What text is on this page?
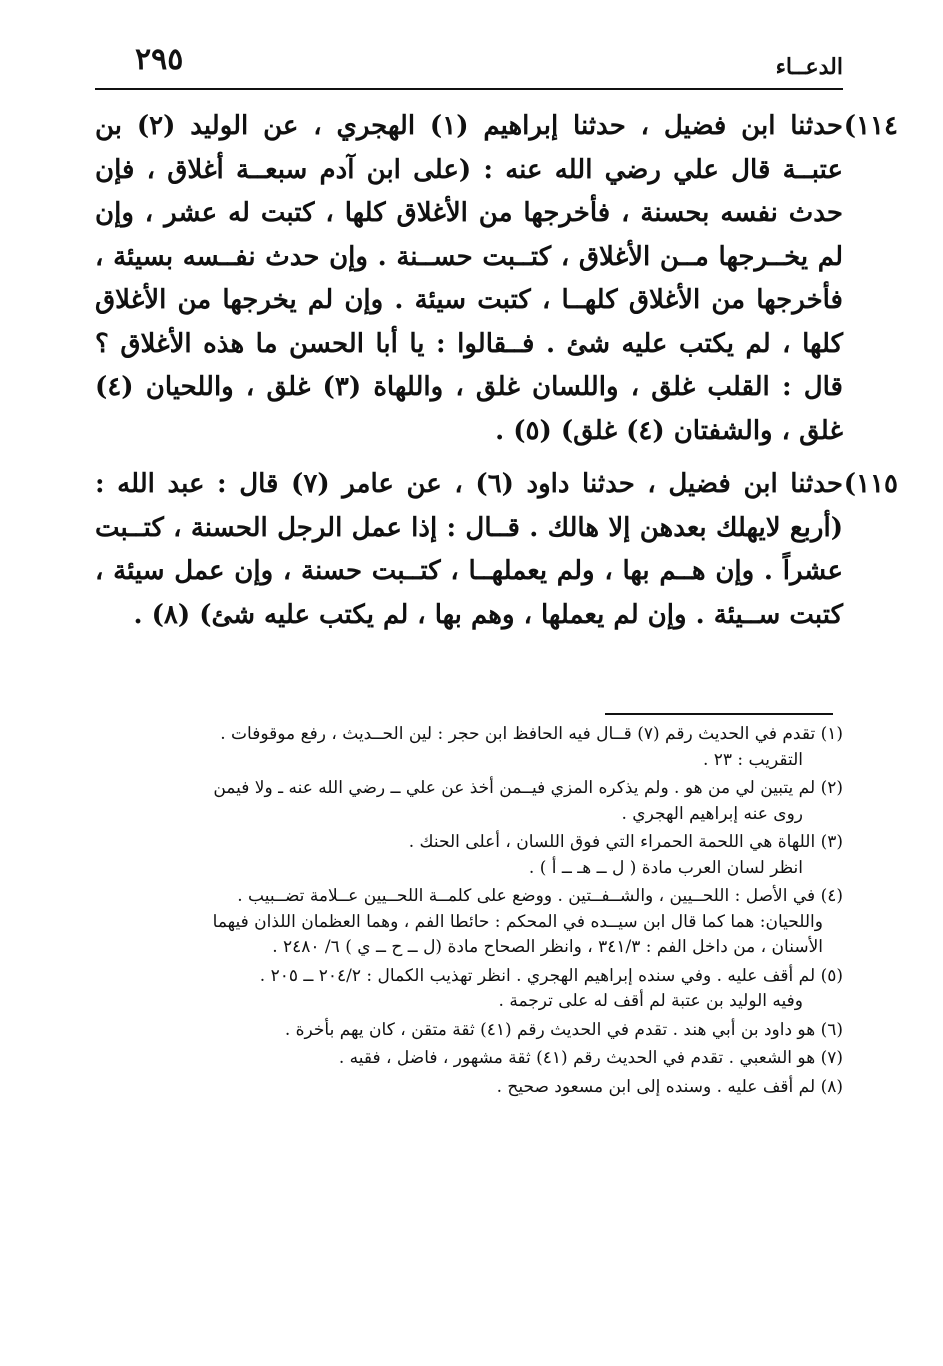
٢٩٥	الدعــاء
١١٤)
حدثنا ابن فضيل ، حدثنا إبراهيم (١) الهجري ، عن الوليد (٢) بن عتبــة قال علي رضي الله عنه : (على ابن آدم سبعــة أغلاق ، فإن حدث نفسه بحسنة ، فأخرجها من الأغلاق كلها ، كتبت له عشر ، وإن لم يخــرجها مــن الأغلاق ، كتــبت حســنة . وإن حدث نفــسه بسيئة ، فأخرجها من الأغلاق كلهــا ، كتبت سيئة . وإن لم يخرجها من الأغلاق كلها ، لم يكتب عليه شئ . فــقالوا : يا أبا الحسن ما هذه الأغلاق ؟ قال : القلب غلق ، واللسان غلق ، واللهاة (٣) غلق ، واللحيان (٤) غلق ، والشفتان (٤) غلق) (٥) .
١١٥)
حدثنا ابن فضيل ، حدثنا داود (٦) ، عن عامر (٧) قال : عبد الله : (أربع لايهلك بعدهن إلا هالك . قــال : إذا عمل الرجل الحسنة ، كتــبت عشراً . وإن هــم بها ، ولم يعملهــا ، كتــبت حسنة ، وإن عمل سيئة ، كتبت ســيئة . وإن لم يعملها ، وهم بها ، لم يكتب عليه شئ) (٨) .

(١) تقدم في الحديث رقم (٧) قــال فيه الحافظ ابن حجر : لين الحــديث ، رفع موقوفات .
التقريب : ٢٣ .

(٢) لم يتبين لي من هو . ولم يذكره المزي فيــمن أخذ عن علي ــ رضي الله عنه ـ ولا فيمن
روى عنه إبراهيم الهجري .

(٣) اللهاة هي اللحمة الحمراء التي فوق اللسان ، أعلى الحنك .
انظر لسان العرب مادة ( ل ــ هـ ــ أ ) .

(٤) في الأصل : اللحــيين ، والشــفــتين . ووضع على كلمــة اللحــيين عــلامة تضــبيب .
واللحيان: هما كما قال ابن سيــده في المحكم : حائطا الفم ، وهما العظمان اللذان فيهما
الأسنان ، من داخل الفم : ٣٤١/٣ ، وانظر الصحاح مادة (ل ــ ح ــ ي ) ٦/ ٢٤٨٠ .

(٥) لم أقف عليه . وفي سنده إبراهيم الهجري . انظر تهذيب الكمال : ٢٠٤/٢ ــ ٢٠٥ .
وفيه الوليد بن عتبة لم أقف له على ترجمة .

(٦) هو داود بن أبي هند . تقدم في الحديث رقم (٤١) ثقة متقن ، كان يهم بأخرة .

(٧) هو الشعبي . تقدم في الحديث رقم (٤١) ثقة مشهور ، فاضل ، فقيه .

(٨) لم أقف عليه . وسنده إلى ابن مسعود صحيح .
